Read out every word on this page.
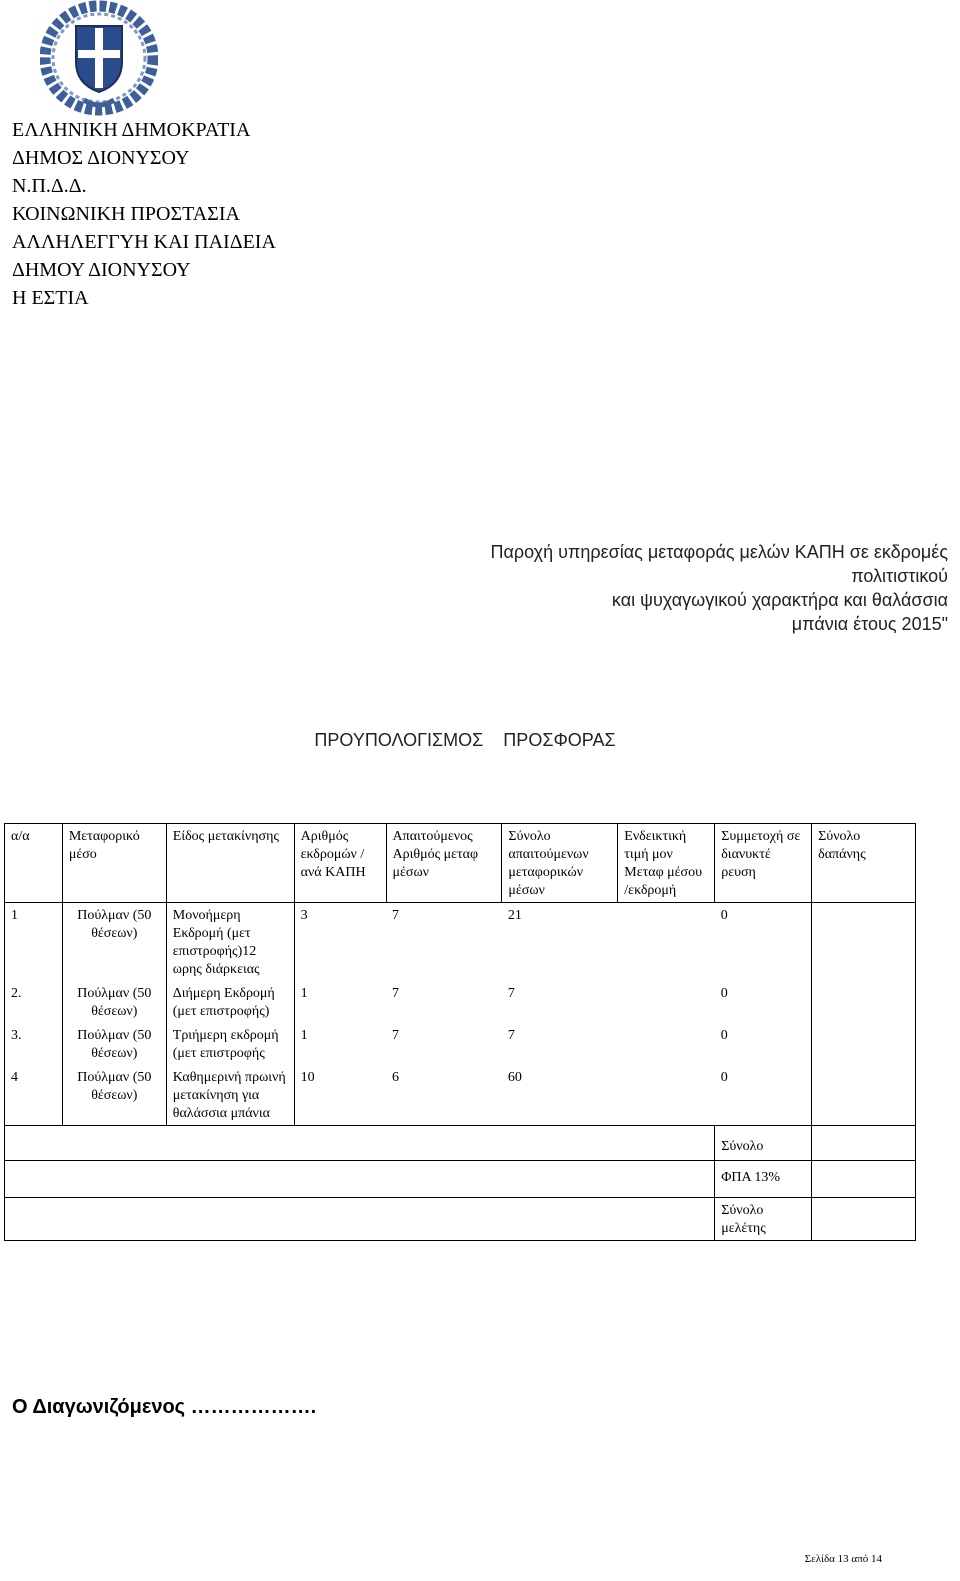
ΕΛΛΗΝΙΚΗ ΔΗΜΟΚΡΑΤΙΑ
ΔΗΜΟΣ ΔΙΟΝΥΣΟΥ
Ν.Π.Δ.Δ.
ΚΟΙΝΩΝΙΚΗ ΠΡΟΣΤΑΣΙΑ
ΑΛΛΗΛΕΓΓΥΗ ΚΑΙ ΠΑΙΔΕΙΑ
ΔΗΜΟΥ ΔΙΟΝΥΣΟΥ
Η ΕΣΤΙΑ
Παροχή υπηρεσίας μεταφοράς μελών ΚΑΠΗ σε εκδρομές
πολιτιστικού
και ψυχαγωγικού χαρακτήρα και θαλάσσια
μπάνια έτους 2015"
ΠΡΟΥΠΟΛΟΓΙΣΜΟΣ    ΠΡΟΣΦΟΡΑΣ
α/α	Μεταφορικό μέσο	Είδος μετακίνησης	Αριθμός εκδρομών /ανά ΚΑΠΗ	Απαιτούμενος Αριθμός μεταφ μέσων	Σύνολο απαιτούμενων μεταφορικών μέσων	Ενδεικτική τιμή μον Μεταφ μέσου /εκδρομή	Συμμετοχή σε διανυκτέ ρευση	Σύνολο δαπάνης
1	Πούλμαν (50 θέσεων)	Μονοήμερη Εκδρομή (μετ επιστροφής)12 ωρης διάρκειας	3	7	21		0	
2.	Πούλμαν (50 θέσεων)	Διήμερη Εκδρομή (μετ επιστροφής)	1	7	7		0	
3.	Πούλμαν (50 θέσεων)	Τριήμερη εκδρομή (μετ επιστροφής	1	7	7		0	
4	Πούλμαν (50 θέσεων)	Καθημερινή πρωινή μετακίνηση για θαλάσσια μπάνια	10	6	60		0	
							Σύνολο	
							ΦΠΑ 13%	
							Σύνολο μελέτης	
Ο Διαγωνιζόμενος ……………….
Σελίδα 13 από 14
